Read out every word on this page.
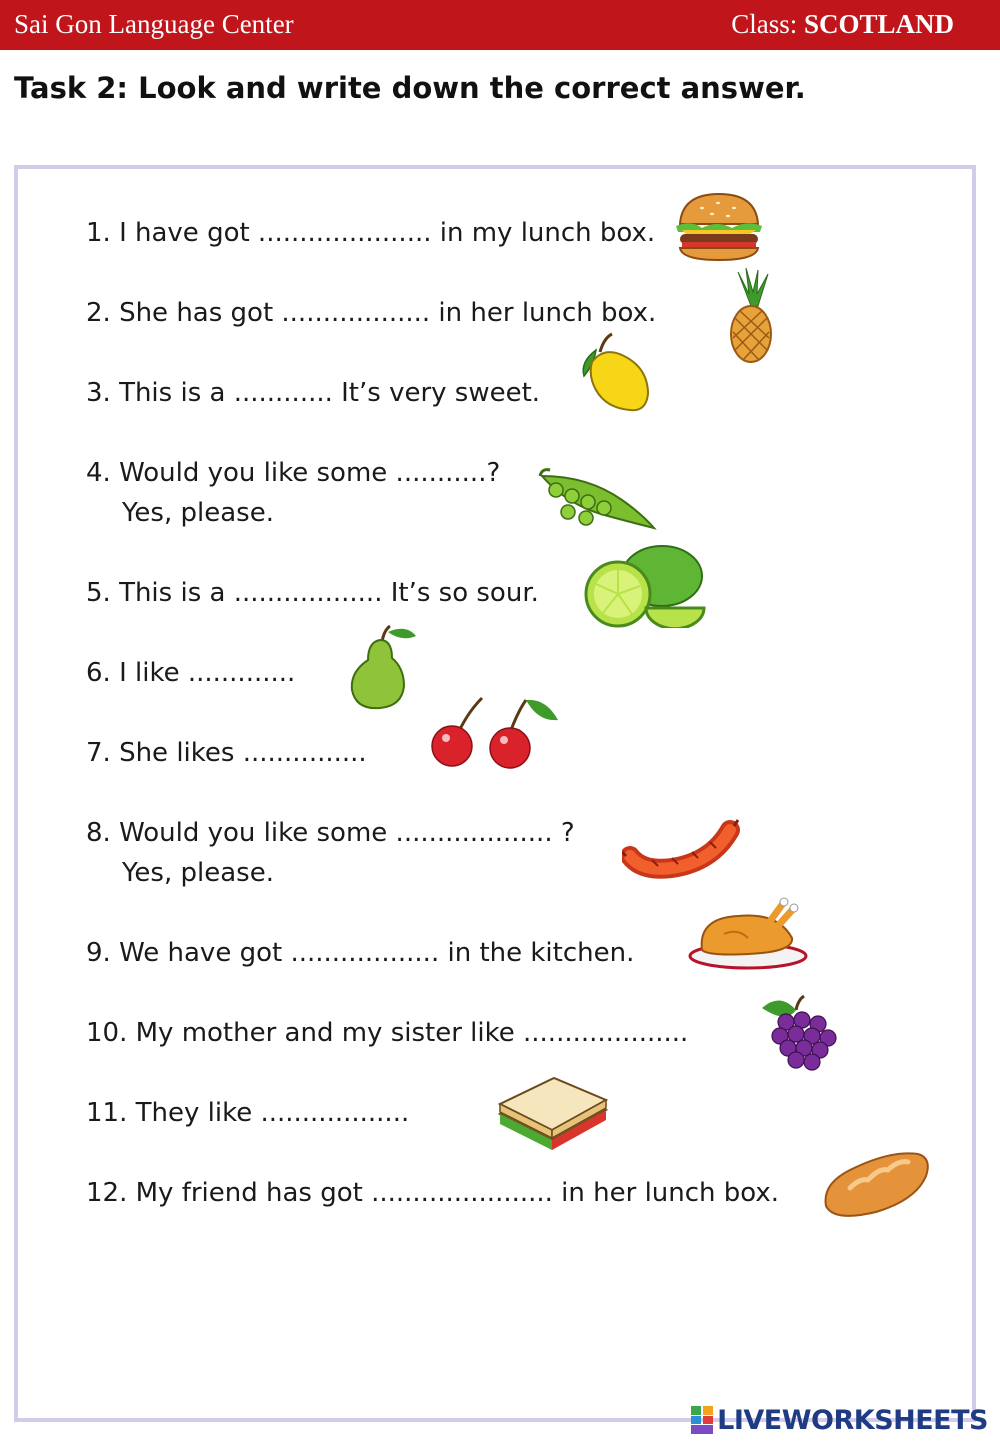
Sai Gon Language Center	Class: SCOTLAND
Task 2: Look and write down the correct answer.
1. I have got ..................... in my lunch box.
2. She has got .................. in her lunch box.
3. This is a ............ It’s very sweet.
4. Would you like some ...........?
Yes, please.
5. This is a .................. It’s so sour.
6. I like .............
7. She likes ...............
8. Would you like some ................... ?
Yes, please.
9. We have got .................. in the kitchen.
10. My mother and my sister like ....................
11. They like ..................
12. My friend has got ...................... in her lunch box.
LIVEWORKSHEETS
